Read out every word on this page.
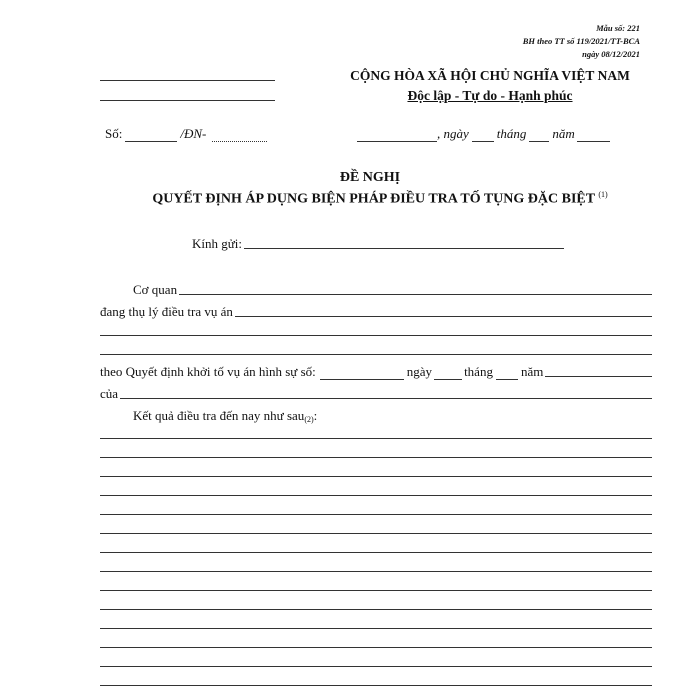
Mẫu số: 221
BH theo TT số 119/2021/TT-BCA
ngày 08/12/2021
CỘNG HÒA XÃ HỘI CHỦ NGHĨA VIỆT NAM
Độc lập - Tự do - Hạnh phúc
Số:	/ĐN-	, ngày tháng năm
ĐỀ NGHỊ
QUYẾT ĐỊNH ÁP DỤNG BIỆN PHÁP ĐIỀU TRA TỐ TỤNG ĐẶC BIỆT $^{(1)}$
Kính gửi:
Cơ quan
đang thụ lý điều tra vụ án
theo Quyết định khởi tố vụ án hình sự số:	ngày tháng năm
của
Kết quả điều tra đến nay như sau$_{(2)}$ :
